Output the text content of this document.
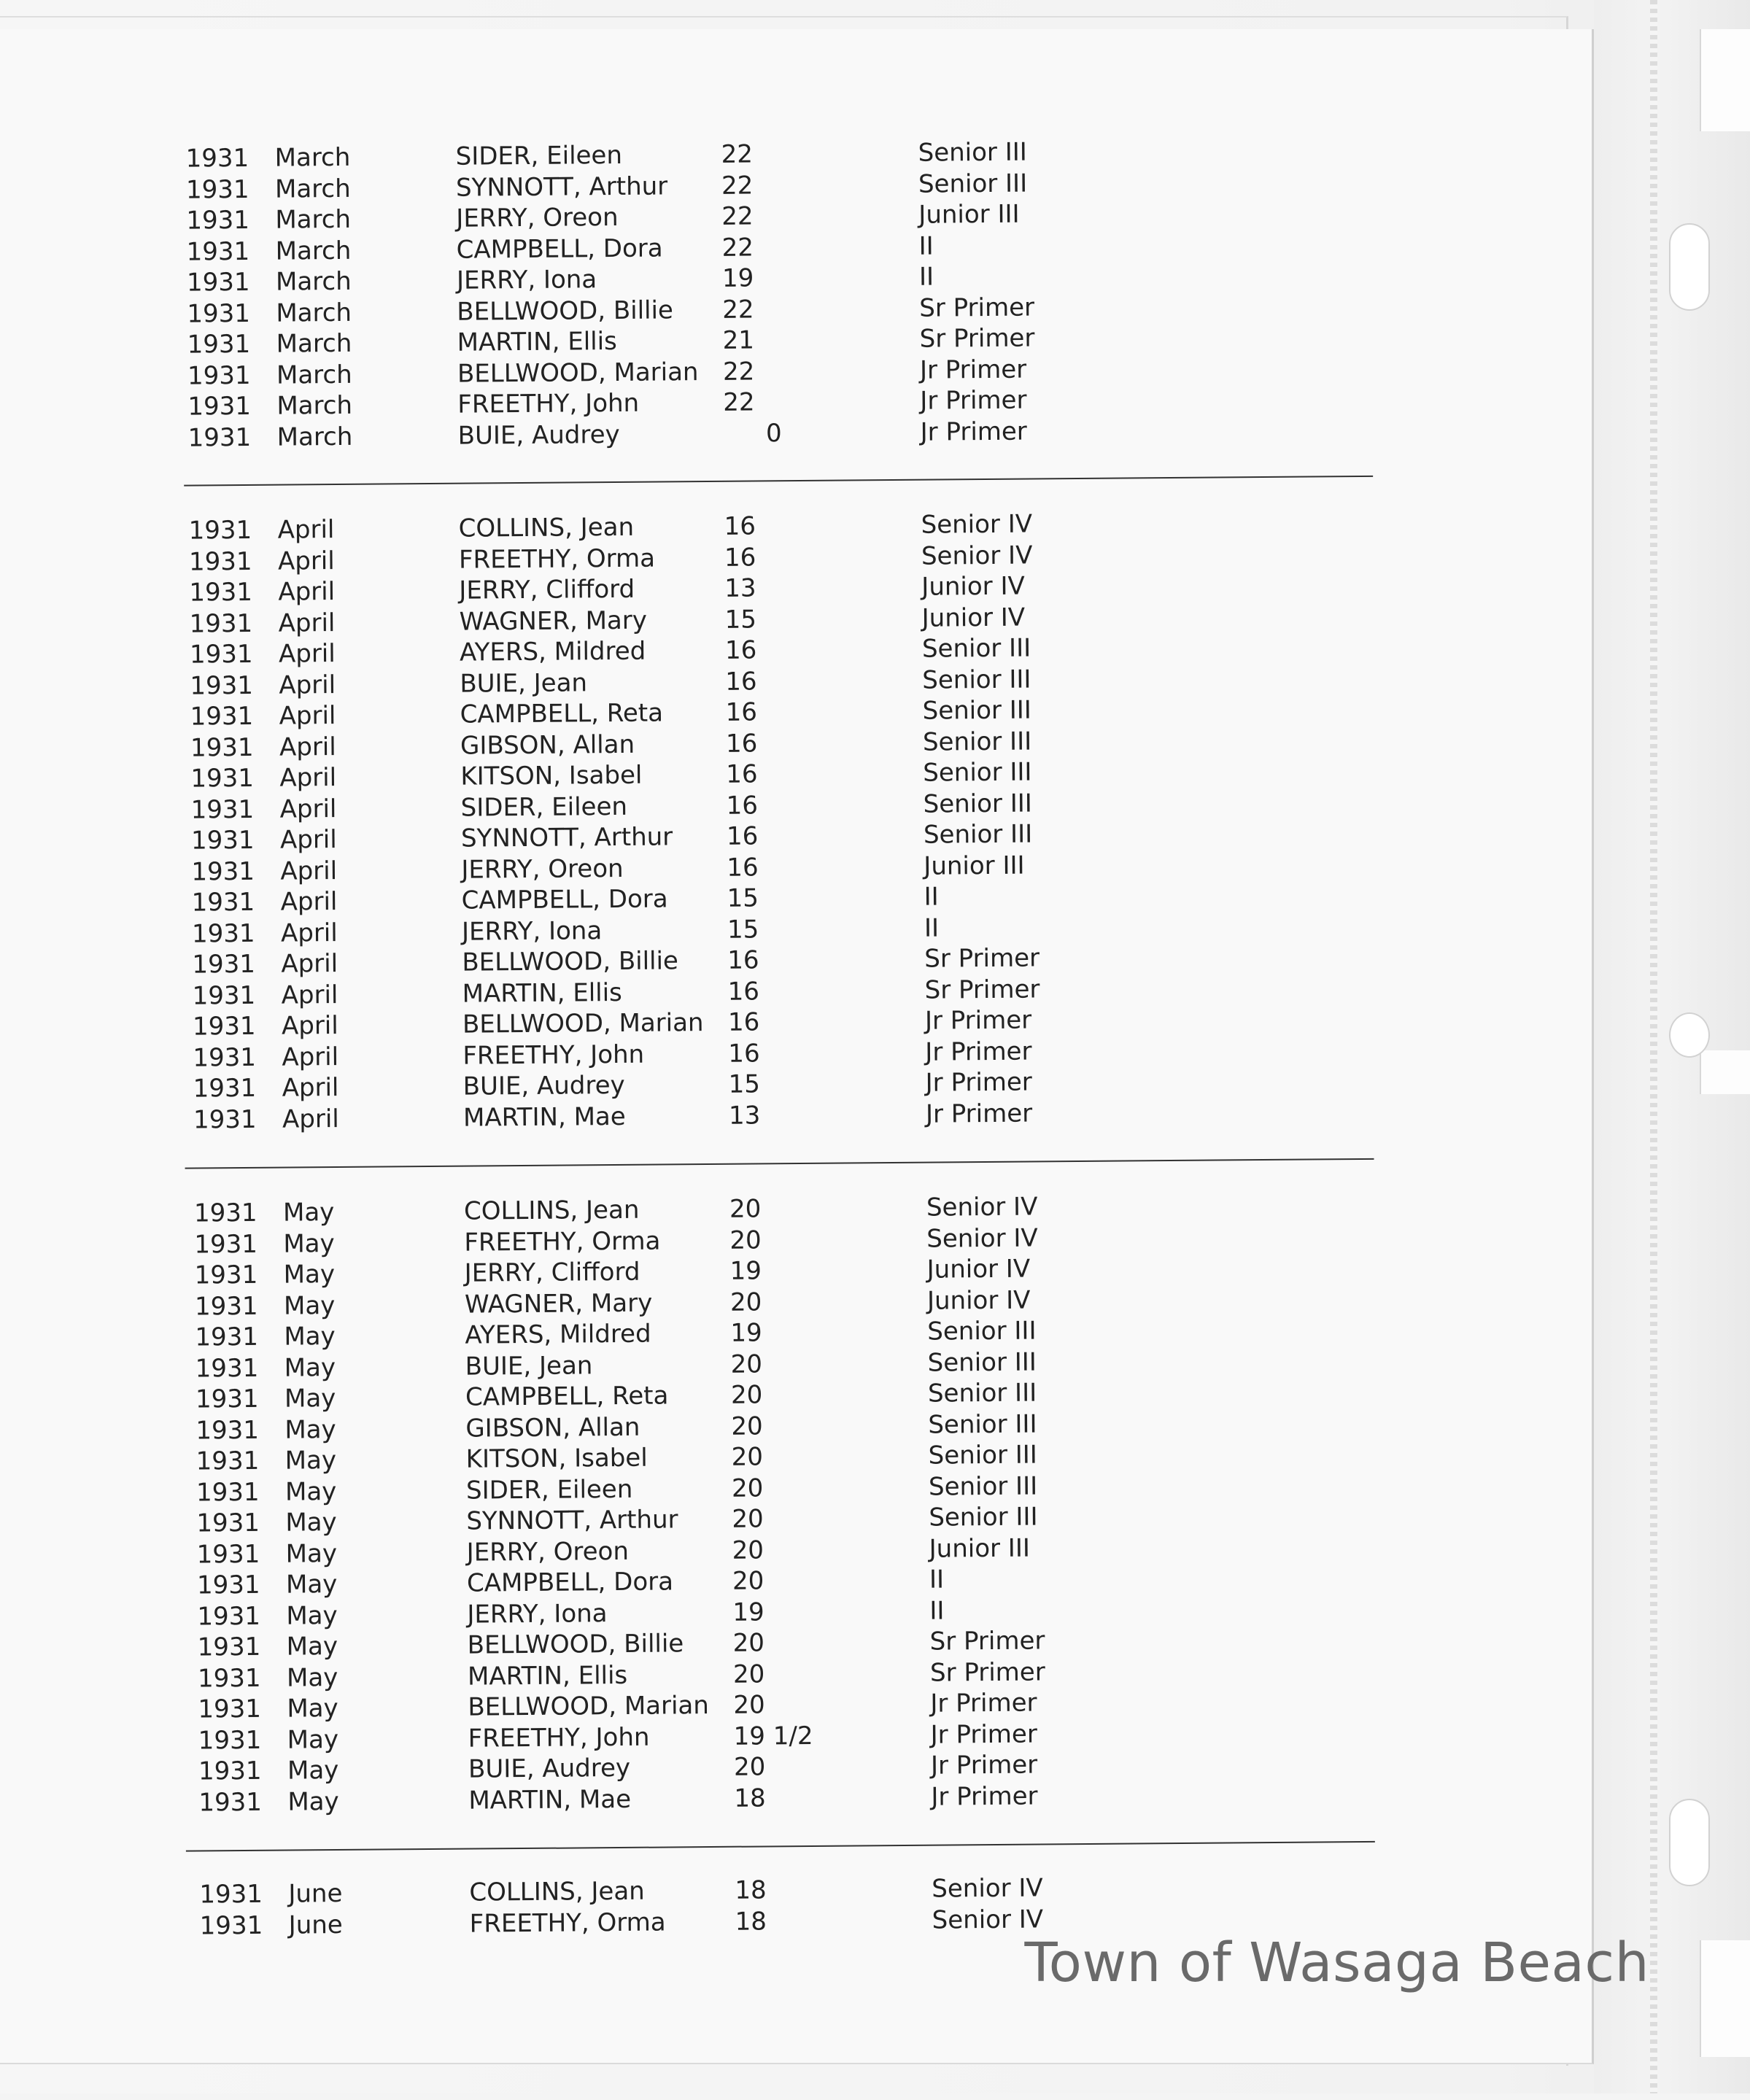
1931 March	SIDER, Eileen	22	Senior III
1931 March	SYNNOTT, Arthur 22	Senior III
1931 March	JERRY, Oreon	22	Junior III
1931 March	CAMPBELL, Dora 22	II
1931 March	JERRY, Iona	19	II
1931 March	BELLWOOD, Billie 22	Sr Primer
1931 March	MARTIN, Ellis	21	Sr Primer
1931 March	BELLWOOD, Marian 22	Jr Primer
1931 March	FREETHY, John	22	Jr Primer
1931 March	BUIE, Audrey	0	Jr Primer
1931 April	COLLINS, Jean	16	Senior IV
1931 April	FREETHY, Orma	16	Senior IV
1931 April	JERRY, Clifford	13	Junior IV
1931 April	WAGNER, Mary	15	Junior IV
1931 April	AYERS, Mildred	16	Senior III
1931 April	BUIE, Jean	16	Senior III
1931 April	CAMPBELL, Reta	16	Senior III
1931 April	GIBSON, Allan	16	Senior III
1931 April	KITSON, Isabel	16	Senior III
1931 April	SIDER, Eileen	16	Senior III
1931 April	SYNNOTT, Arthur 16	Senior III
1931 April	JERRY, Oreon	16	Junior III
1931 April	CAMPBELL, Dora 15	II
1931 April	JERRY, Iona	15	II
1931 April	BELLWOOD, Billie 16	Sr Primer
1931 April	MARTIN, Ellis	16	Sr Primer
1931 April	BELLWOOD, Marian 16	Jr Primer
1931 April	FREETHY, John	16	Jr Primer
1931 April	BUIE, Audrey	15	Jr Primer
1931 April	MARTIN, Mae	13	Jr Primer
1931 May	COLLINS, Jean	20	Senior IV
1931 May	FREETHY, Orma	20	Senior IV
1931 May	JERRY, Clifford	19	Junior IV
1931 May	WAGNER, Mary	20	Junior IV
1931 May	AYERS, Mildred	19	Senior III
1931 May	BUIE, Jean	20	Senior III
1931 May	CAMPBELL, Reta	20	Senior III
1931 May	GIBSON, Allan	20	Senior III
1931 May	KITSON, Isabel	20	Senior III
1931 May	SIDER, Eileen	20	Senior III
1931 May	SYNNOTT, Arthur 20	Senior III
1931 May	JERRY, Oreon	20	Junior III
1931 May	CAMPBELL, Dora 20	II
1931 May	JERRY, Iona	19	II
1931 May	BELLWOOD, Billie 20	Sr Primer
1931 May	MARTIN, Ellis	20	Sr Primer
1931 May	BELLWOOD, Marian 20	Jr Primer
1931 May	FREETHY, John	19 1/2	Jr Primer
1931 May	BUIE, Audrey	20	Jr Primer
1931 May	MARTIN, Mae	18	Jr Primer
1931 June	COLLINS, Jean	18	Senior IV
1931 June	FREETHY, Orma	18	Senior IV
Town of Wasaga Beach
